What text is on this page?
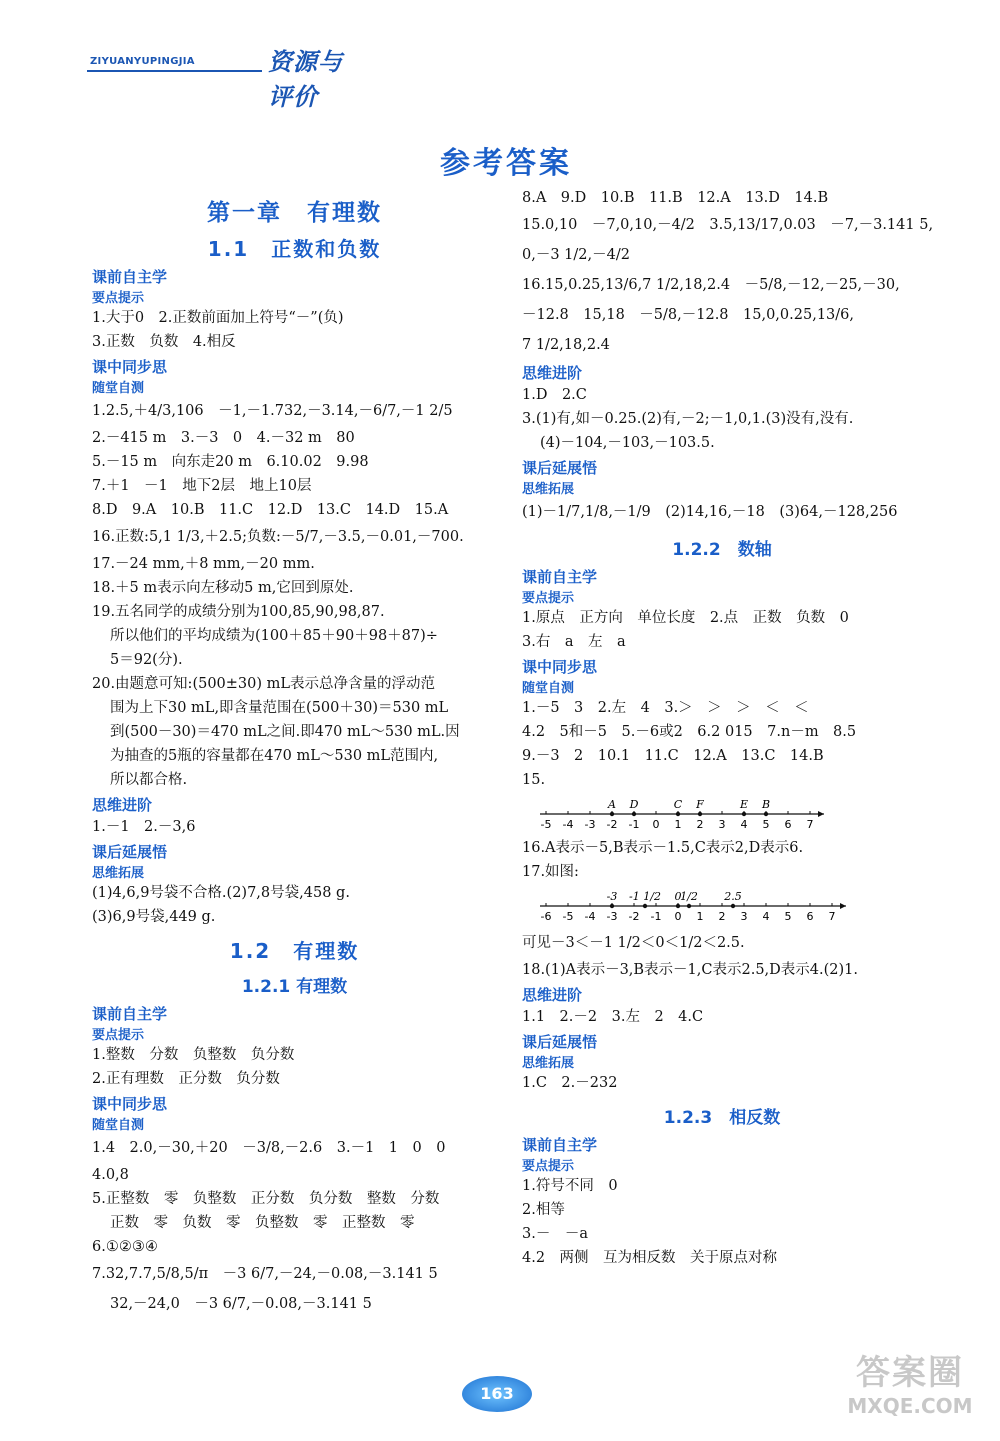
ZIYUANYUPINGJIA	资源与评价
参考答案
第一章　有理数
1.1　正数和负数
课前自主学
要点提示
1.大于0　2.正数前面加上符号“－”(负)
3.正数　负数　4.相反
课中同步思
随堂自测
1.2.5,＋4/3,106　－1,－1.732,－3.14,－6/7,－1 2/5
2.－415 m　3.－3　0　4.－32 m　80
5.－15 m　向东走20 m　6.10.02　9.98
7.＋1　－1　地下2层　地上10层
8.D　9.A　10.B　11.C　12.D　13.C　14.D　15.A
16.正数:5,1 1/3,＋2.5;负数:－5/7,－3.5,－0.01,－700.
17.－24 mm,＋8 mm,－20 mm.
18.＋5 m表示向左移动5 m,它回到原处.
19.五名同学的成绩分别为100,85,90,98,87.
所以他们的平均成绩为(100＋85＋90＋98＋87)÷
5＝92(分).
20.由题意可知:(500±30) mL表示总净含量的浮动范
围为上下30 mL,即含量范围在(500＋30)＝530 mL
到(500－30)＝470 mL之间.即470 mL～530 mL.因
为抽查的5瓶的容量都在470 mL～530 mL范围内,
所以都合格.
思维进阶
1.－1　2.－3,6
课后延展悟
思维拓展
(1)4,6,9号袋不合格.(2)7,8号袋,458 g.
(3)6,9号袋,449 g.
1.2　有理数
1.2.1 有理数
课前自主学
要点提示
1.整数　分数　负整数　负分数
2.正有理数　正分数　负分数
课中同步思
随堂自测
1.4　2.0,－30,＋20　－3/8,－2.6　3.－1　1　0　0
4.0,8
5.正整数　零　负整数　正分数　负分数　整数　分数
正数　零　负数　零　负整数　零　正整数　零
6.①②③④
7.32,7.7,5/8,5/π　－3 6/7,－24,－0.08,－3.141 5
32,－24,0　－3 6/7,－0.08,－3.141 5
8.A　9.D　10.B　11.B　12.A　13.D　14.B
15.0,10　－7,0,10,－4/2　3.5,13/17,0.03　－7,－3.141 5,
0,－3 1/2,－4/2
16.15,0.25,13/6,7 1/2,18,2.4　－5/8,－12,－25,－30,
－12.8　15,18　－5/8,－12.8　15,0,0.25,13/6,
7 1/2,18,2.4
思维进阶
1.D　2.C
3.(1)有,如－0.25.(2)有,－2;－1,0,1.(3)没有,没有.
(4)－104,－103,－103.5.
课后延展悟
思维拓展
(1)－1/7,1/8,－1/9　(2)14,16,－18　(3)64,－128,256
1.2.2　数轴
课前自主学
要点提示
1.原点　正方向　单位长度　2.点　正数　负数　0
3.右　a　左　a
课中同步思
随堂自测
1.－5　3　2.左　4　3.＞　＞　＞　＜　＜
4.2　5和－5　5.－6或2　6.2 015　7.n－m　8.5
9.－3　2　10.1　11.C　12.A　13.C　14.B
15.
-5 -4 -3 -2 -1 0 1 2 3 4 5 6 7
A D	C F	E B
16.A表示－5,B表示－1.5,C表示2,D表示6.
17.如图:
-6 -5 -4 -3 -2 -1 0 1 2 3 4 5 6 7
-3 -1 1/2 0
1/2 2.5
可见－3＜－1 1/2＜0＜1/2＜2.5.
18.(1)A表示－3,B表示－1,C表示2.5,D表示4.(2)1.
思维进阶
1.1　2.－2　3.左　2　4.C
课后延展悟
思维拓展
1.C　2.－232
1.2.3　相反数
课前自主学
要点提示
1.符号不同　0
2.相等
3.－　－a
4.2　两侧　互为相反数　关于原点对称
163
答案圈
MXQE.COM
